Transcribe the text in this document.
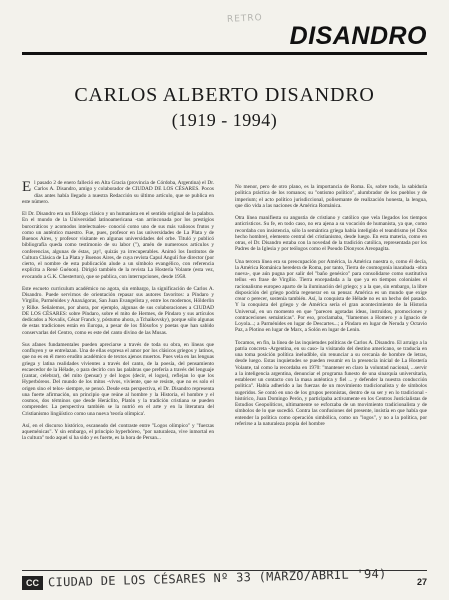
RETRO
DISANDRO
CARLOS ALBERTO DISANDRO
(1919 - 1994)

El pasado 2 de enero falleció en Alta Gracia (provincia de Córdoba, Argentina) el Dr. Carlos A. Disandro, amigo y colaborador de CIUDAD DE LOS CÉSARES. Pocos días antes había llegado a nuestra Redacción su último artículo, que se publica en este número.

El Dr. Disandro era un filólogo clásico y un humanista en el sentido original de la palabra. En el mundo de la Universidad latinoamericana -tan arrinconada por los prestigios burocráticos y acomodos intelectuales- conoció como uno de sus más valiosos frutos y como un auténtico maestro. Fue, pues, profesor en las universidades de La Plata y de Buenos Aires, y profesor visitante en algunas universidades del orbe. Tituló y publicó bibliografía queda como testimonio de su labor ("), amén de numerosos artículos y conferencias, algunas de éstas, ¡ay!, quizás ya irrecuperables. Animó los Institutos de Cultura Clásica de La Plata y Buenos Aires, de cuya revista Capul Angulí fue director (por cierto, el nombre de esta publicación alude a un símbolo evangélico, con referencia explícita a René Guénon). Dirigió también de la revista La Hostería Volante (esta vez, evocando a G.K. Chesterton), que se publica, con interrupciones, desde 1958.

Este escueto curriculum académico no agota, sin embargo, la significación de Carlos A. Disandro. Puede servirnos de orientación repasar sus autores favoritos: a Píndaro y Virgilio, Parménides y Anaxágoras, San Juan Evangelista y, entre los modernos, Hölderlin y Rilke. Señalemos, por ahora, por ejemplo, algunas de sus colaboraciones a CIUDAD DE LOS CÉSARES: sobre Píndaro, sobre el mito de Hermes, de Píndaro y sus artículos dedicados a Novalis, César Franck y, póstumo ahora, a Tchaikovsky), porque sólo algunas de estas tradiciones están en Europa, a pesar de los filósofos y poetas que han sabido conservarlas del Centro, como es este del canto divino de las Musas.

Sus afanes fundamentales pueden apreciarse a través de toda su obra, en líneas que confluyen y se entrelazan. Una de ellas expresa el amor por los clásicos griegos y latinos, que no es en él mero erudito académico de textos ajenos muertos. Pues vela en las lenguas griega y latina realidades vivientes a través del canto, de la poesía, del pensamiento escaecedor de la Hélade, o para decirlo con las palabras que prefería a través del lenguaje (cantar, celebrar), del mito (pensar) y del logos (decir, el logos), reflejan lo que los Hyperbóreos. Del mundo de los mitos -vivos, viviente, que se resiste, que no es solo el origen sino el telos- siempre, se pensó. Desde esta perspectiva, el Dr. Disandro representa una fuerte afirmación, un principio que reúne al hombre y la Historia, el hombre y el cosmos, dos términos que desde Heráclito, Platón y la tradición cristiana se pueden comprender. La perspectiva también se la nutrió en el arte y en la literatura del Cristianismo lingüístico como una nueva 'teoría olímpica'.

Así, en el discurso histórico, escaneado del contraste entre "Logos olímpico" y "fuerzas aqueménicas". Y sin embargo, el principio hyperbóreo, "por naturaleza, vive inmortal en la cultura" todo aquel sí ha sido y es fuerte, es la hora de Persan...

No menor, pero de otro plano, es la importancia de Roma. Es, sobre todo, la sabiduría política práctica de los romanos; su "ontismo político", alumbrador de los pueblos y de imperium; el acto político jurisdiccional, polisemante de realización honesta, la lengua, que dio vida a las naciones de América Románica.

Otra línea manifiesta su angustia de cristiano y católico que vela llegados los tiempos anticristicos. Su fe, en todo caso, no era ajena a su vocación de humanista, ya que, como recordaba con insistencia, sólo la semántica griega había inteligido el teandrismo (el Dios hecho hombre), elemento central del cristianismo, desde luego. En esta materia, como en otras, el Dr. Disandro estaba con la novedad de la tradición católica, representada por los Padres de la Iglesia y por teólogos como el Pseudo Dionysos Areopagita.

Una tercera línea era su preocupación por América, la América nuestra o, como él decía, la América Románica heredera de Roma, por tanto, Tierra de cosmogonía inacabada -obra nueva-, que aún pugna por salir del "baño genésico" para consolidarse como sustitutiva tellus -en frase de Virgilio. Tierra encepadada a la que ya en tiempos coloniales el racionalismo europeo aparto de la iluminación del griego; y a la que, sin embargo, la libre disposición del griego podría regenerar en su pensar. América es un mundo que exige crear o perecer, sostenía también. Así, la conquista de Hélade no es un hecho del pasado. Y la conquista del griego y de América sería el gran acontecimiento de la Historia Universal, en un momento en que "parecen agotadas ideas, instruidos, promociones y contraceciones semánticas". Por eso, proclamaba, "llamemos a Homero y a Ignacio de Loyola...; a Parménides en lugar de Descartes...; a Píndaro en lugar de Neruda y Octavio Paz, a Plotino en lugar de Marx, a Solón en lugar de Lenin.

Tocamos, en fin, la línea de las inquietudes políticas de Carlos A. Disandro. El arraigo a la patria concreta -Argentina, en su caso- la visitando del destino americano, se traducía en una toma posición política ineludible, sin renunciar a su cercanía de hombre de letras, desde luego. Estas inquietudes se pueden resumir en la presencia inicial de La Hostería Volante, tal como la recordaba en 1970: "mantener en claro la voluntad nacional, ...servir a la inteligencia argentina, denunciar el programa funesto de una sinarquía universitaria, establecer un contacto con la masa auténtica y fiel ... y defender la nuestra conducción política". Había adherido a las fuerzas de un movimiento tradicionalista y de símbolos sugeridos. Se contó en uno de los grupos peronistas, dentro de su ser y en lo tradicional - histórico, Juan Domingo Perón, y participaba activamente en los Centros Justicialistas de Estudios Geopolíticos, ultimamente se esforzaba de un movimiento tradicionalista y de símbolos de lo que sucedió. Contra las confusiones del presente, insistía en que había que entender la política como operación simbólica, como un "logos", y no a la política, por referirse a la naturaleza propia del hombre

CC CIUDAD DE LOS CÉSARES Nº 33 (MARZO/ABRIL '94)	27
